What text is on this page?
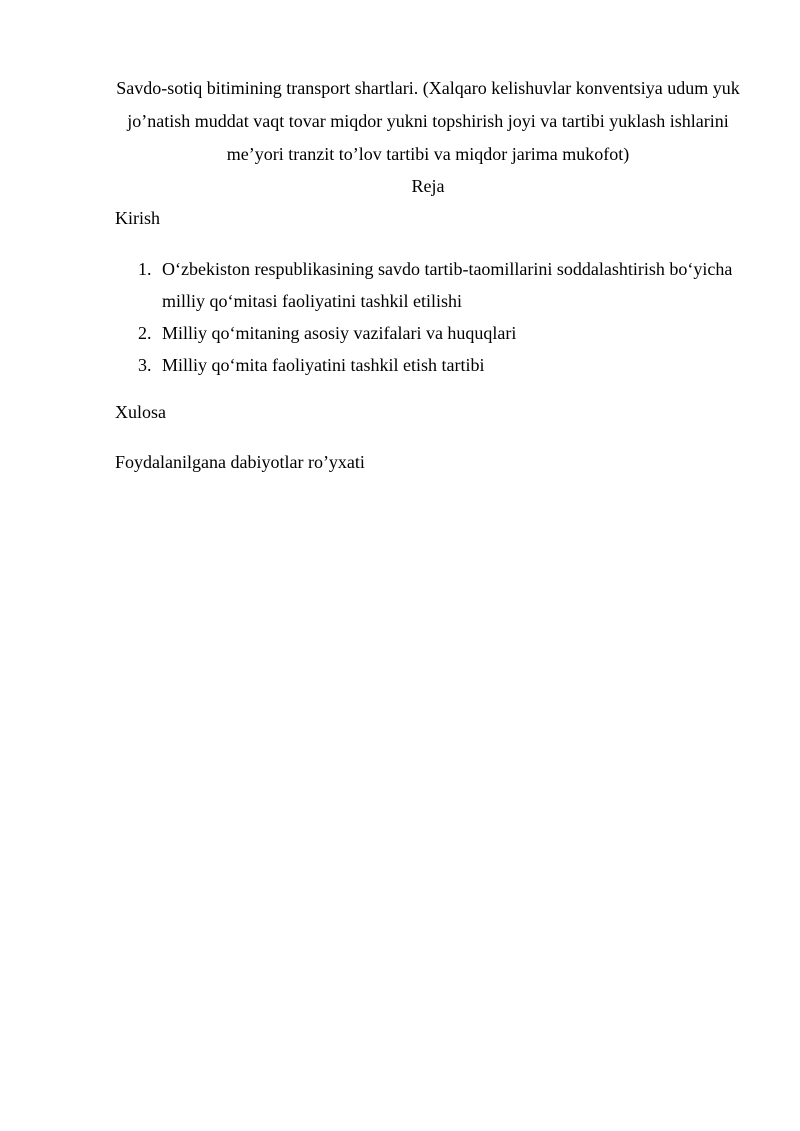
Savdo-sotiq bitimining transport shartlari. (Xalqaro kelishuvlar konventsiya udum yuk jo’natish muddat vaqt tovar miqdor yukni topshirish joyi va tartibi yuklash ishlarini me’yori tranzit to’lov tartibi va miqdor jarima mukofot)

Reja

Kirish

1. O‘zbekiston respublikasining savdo tartib-taomillarini soddalashtirish bo‘yicha milliy qo‘mitasi faoliyatini tashkil etilishi
2. Milliy qo‘mitaning asosiy vazifalari va huquqlari
3. Milliy qo‘mita faoliyatini tashkil etish tartibi

Xulosa

Foydalanilgana dabiyotlar ro’yxati
